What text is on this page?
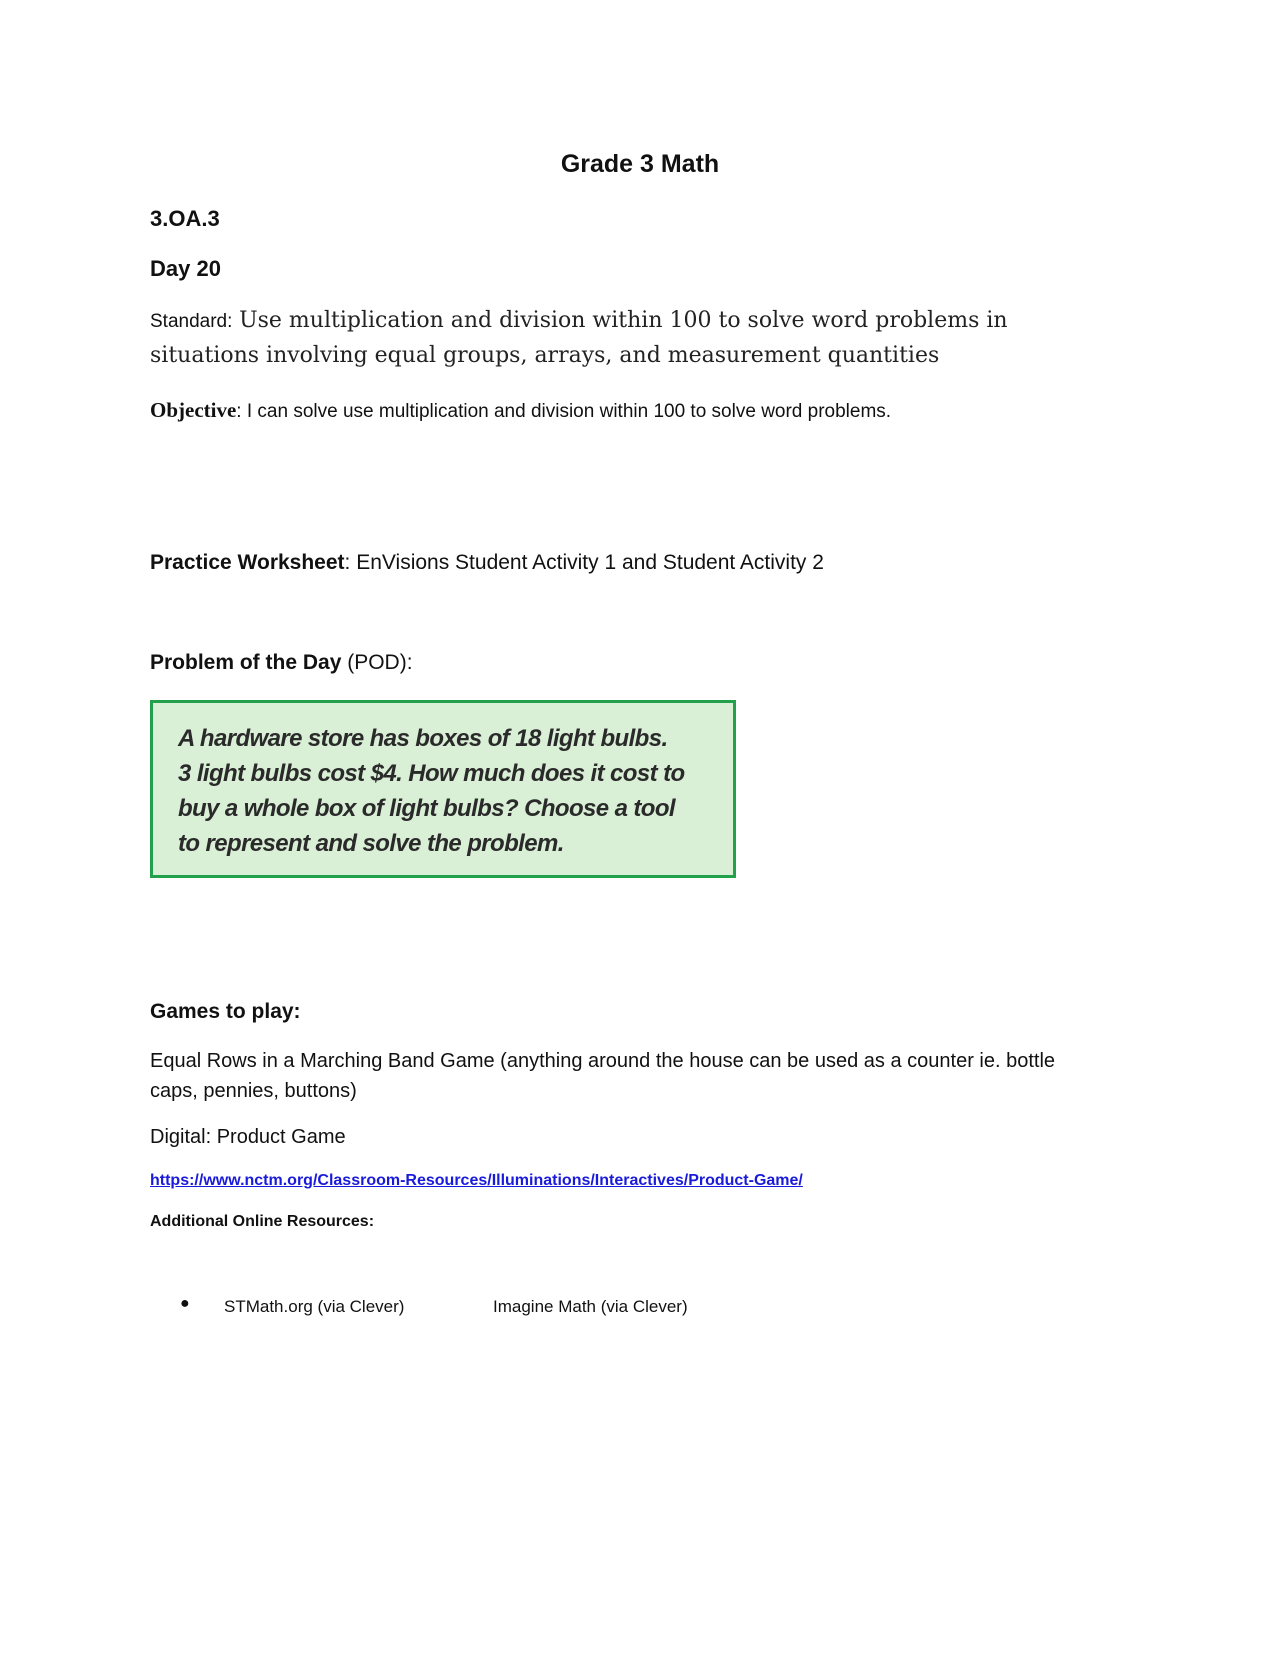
Grade 3 Math
3.OA.3
Day 20
Standard: Use multiplication and division within 100 to solve word problems in situations involving equal groups, arrays, and measurement quantities
Objective: I can solve use multiplication and division within 100 to solve word problems.
Practice Worksheet: EnVisions Student Activity 1 and Student Activity 2
Problem of the Day (POD):
A hardware store has boxes of 18 light bulbs.
3 light bulbs cost $4. How much does it cost to
buy a whole box of light bulbs? Choose a tool
to represent and solve the problem.
Games to play:
Equal Rows in a Marching Band Game (anything around the house can be used as a counter ie. bottle caps, pennies, buttons)
Digital: Product Game
https://www.nctm.org/Classroom-Resources/Illuminations/Interactives/Product-Game/
Additional Online Resources:
● STMath.org (via Clever)	Imagine Math (via Clever)
